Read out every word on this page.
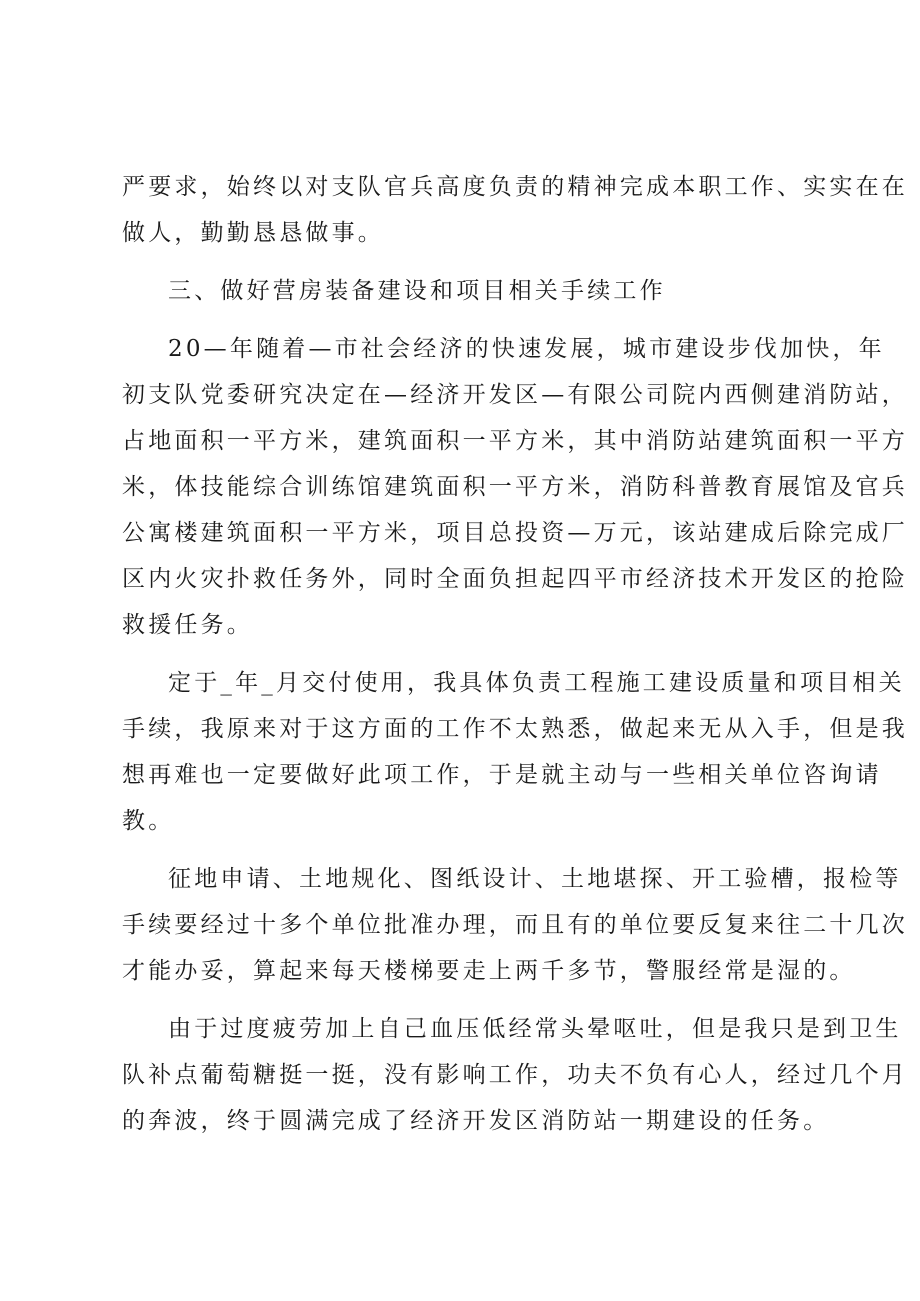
严要求，始终以对支队官兵高度负责的精神完成本职工作、实实在在
做人，勤勤恳恳做事。
三、做好营房装备建设和项目相关手续工作
20—年随着—市社会经济的快速发展，城市建设步伐加快，年
初支队党委研究决定在—经济开发区—有限公司院内西侧建消防站，
占地面积一平方米，建筑面积一平方米，其中消防站建筑面积一平方
米，体技能综合训练馆建筑面积一平方米，消防科普教育展馆及官兵
公寓楼建筑面积一平方米，项目总投资—万元，该站建成后除完成厂
区内火灾扑救任务外，同时全面负担起四平市经济技术开发区的抢险
救援任务。
定于_年_月交付使用，我具体负责工程施工建设质量和项目相关
手续，我原来对于这方面的工作不太熟悉，做起来无从入手，但是我
想再难也一定要做好此项工作，于是就主动与一些相关单位咨询请
教。
征地申请、土地规化、图纸设计、土地堪探、开工验槽，报检等
手续要经过十多个单位批准办理，而且有的单位要反复来往二十几次
才能办妥，算起来每天楼梯要走上两千多节，警服经常是湿的。
由于过度疲劳加上自己血压低经常头晕呕吐，但是我只是到卫生
队补点葡萄糖挺一挺，没有影响工作，功夫不负有心人，经过几个月
的奔波，终于圆满完成了经济开发区消防站一期建设的任务。
